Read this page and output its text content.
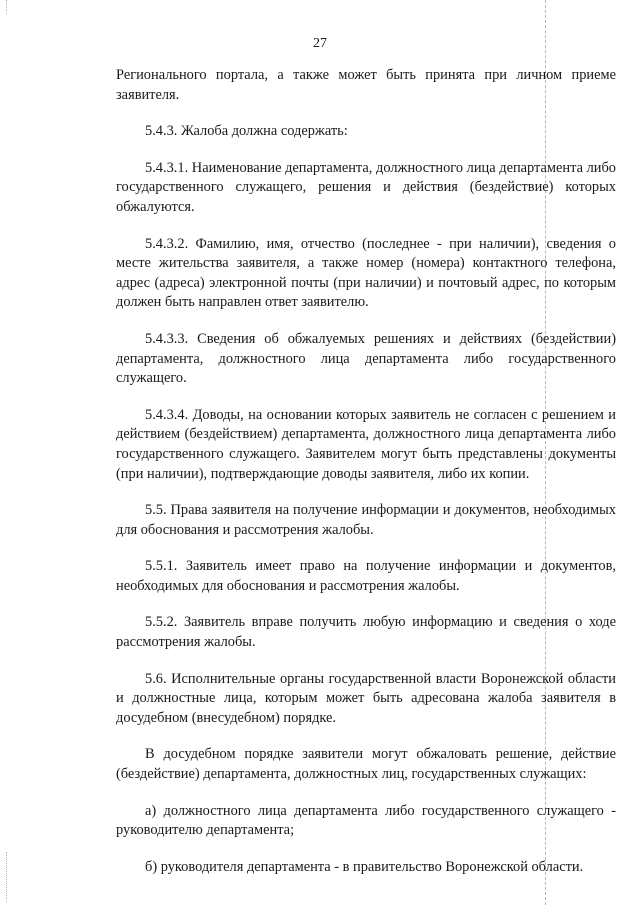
27

Регионального портала, а также может быть принята при личном приеме заявителя.

5.4.3. Жалоба должна содержать:

5.4.3.1. Наименование департамента, должностного лица департамента либо государственного служащего, решения и действия (бездействие) которых обжалуются.

5.4.3.2. Фамилию, имя, отчество (последнее - при наличии), сведения о месте жительства заявителя, а также номер (номера) контактного телефона, адрес (адреса) электронной почты (при наличии) и почтовый адрес, по которым должен быть направлен ответ заявителю.

5.4.3.3. Сведения об обжалуемых решениях и действиях (бездействии) департамента, должностного лица департамента либо государственного служащего.

5.4.3.4. Доводы, на основании которых заявитель не согласен с решением и действием (бездействием) департамента, должностного лица департамента либо государственного служащего. Заявителем могут быть представлены документы (при наличии), подтверждающие доводы заявителя, либо их копии.

5.5. Права заявителя на получение информации и документов, необходимых для обоснования и рассмотрения жалобы.

5.5.1. Заявитель имеет право на получение информации и документов, необходимых для обоснования и рассмотрения жалобы.

5.5.2. Заявитель вправе получить любую информацию и сведения о ходе рассмотрения жалобы.

5.6. Исполнительные органы государственной власти Воронежской области и должностные лица, которым может быть адресована жалоба заявителя в досудебном (внесудебном) порядке.

В досудебном порядке заявители могут обжаловать решение, действие (бездействие) департамента, должностных лиц, государственных служащих:

а) должностного лица департамента либо государственного служащего - руководителю департамента;

б) руководителя департамента - в правительство Воронежской области.
